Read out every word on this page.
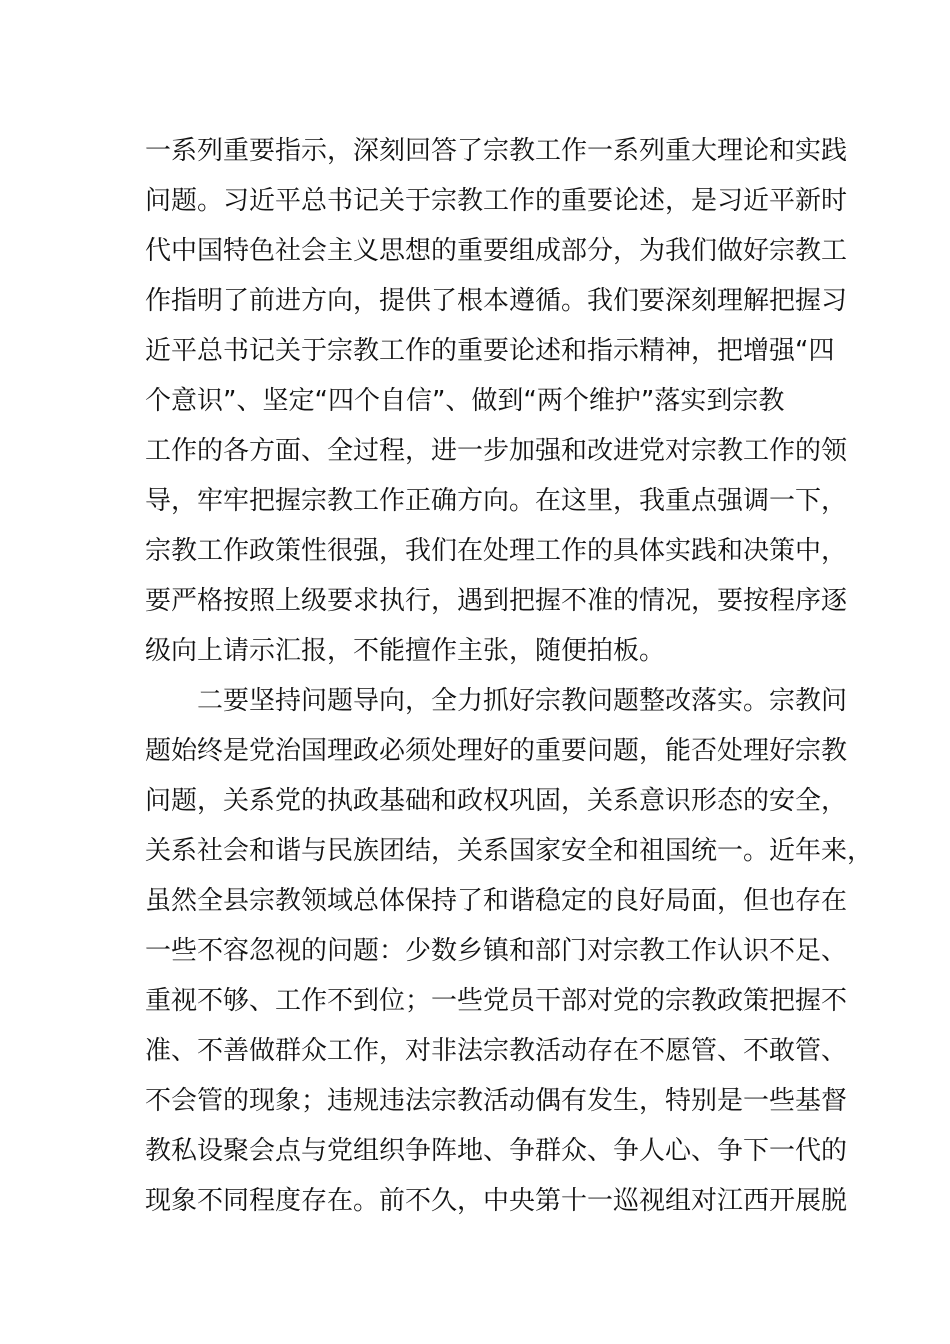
一系列重要指示，深刻回答了宗教工作一系列重大理论和实践
问题。习近平总书记关于宗教工作的重要论述，是习近平新时
代中国特色社会主义思想的重要组成部分，为我们做好宗教工
作指明了前进方向，提供了根本遵循。我们要深刻理解把握习
近平总书记关于宗教工作的重要论述和指示精神，把增强“四
个意识”、坚定“四个自信”、做到“两个维护”落实到宗教
工作的各方面、全过程，进一步加强和改进党对宗教工作的领
导，牢牢把握宗教工作正确方向。在这里，我重点强调一下，
宗教工作政策性很强，我们在处理工作的具体实践和决策中，
要严格按照上级要求执行，遇到把握不准的情况，要按程序逐
级向上请示汇报，不能擅作主张，随便拍板。
二要坚持问题导向，全力抓好宗教问题整改落实。宗教问
题始终是党治国理政必须处理好的重要问题，能否处理好宗教
问题，关系党的执政基础和政权巩固，关系意识形态的安全，
关系社会和谐与民族团结，关系国家安全和祖国统一。近年来，
虽然全县宗教领域总体保持了和谐稳定的良好局面，但也存在
一些不容忽视的问题：少数乡镇和部门对宗教工作认识不足、
重视不够、工作不到位；一些党员干部对党的宗教政策把握不
准、不善做群众工作，对非法宗教活动存在不愿管、不敢管、
不会管的现象；违规违法宗教活动偶有发生，特别是一些基督
教私设聚会点与党组织争阵地、争群众、争人心、争下一代的
现象不同程度存在。前不久，中央第十一巡视组对江西开展脱
